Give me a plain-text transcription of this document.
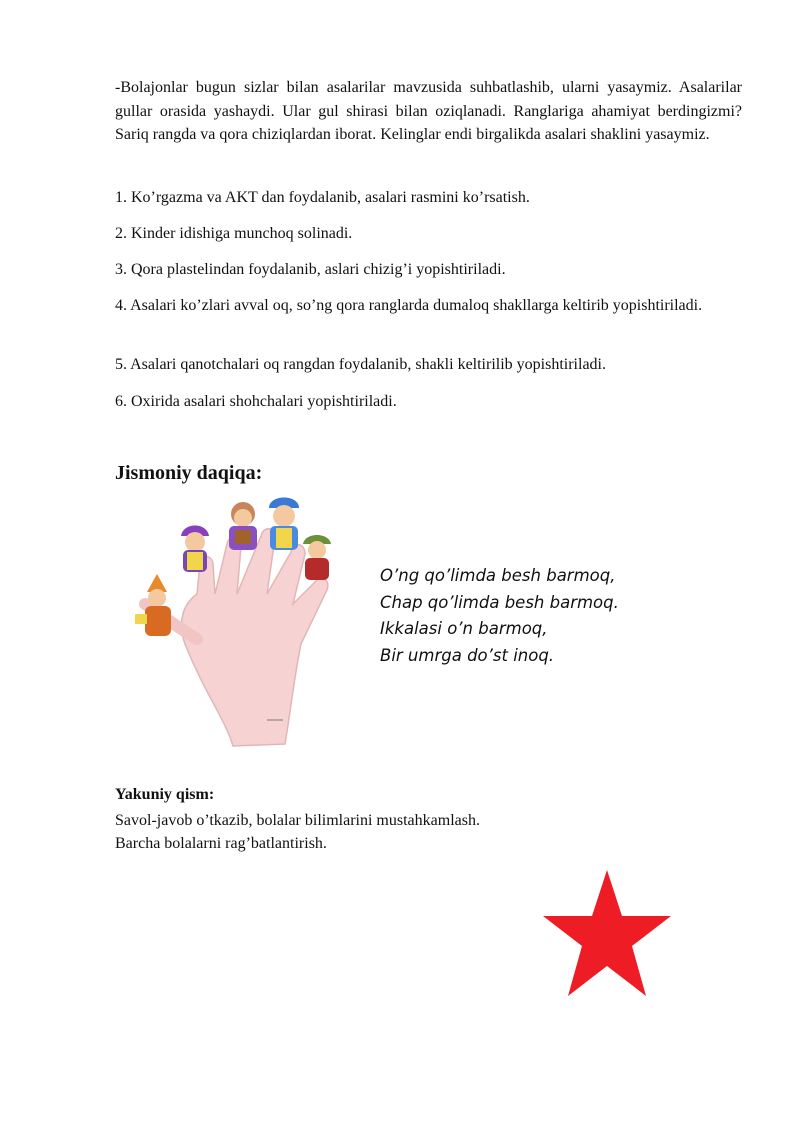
-Bolajonlar bugun sizlar bilan asalarilar mavzusida suhbatlashib, ularni yasaymiz. Asalarilar gullar orasida yashaydi. Ular gul shirasi bilan oziqlanadi. Ranglariga ahamiyat berdingizmi? Sariq rangda va qora chiziqlardan iborat. Kelinglar endi birgalikda asalari shaklini yasaymiz.

1. Ko’rgazma va AKT dan foydalanib, asalari rasmini ko’rsatish.

2. Kinder idishiga munchoq solinadi.

3. Qora plastelindan foydalanib, aslari chizig’i yopishtiriladi.

4. Asalari ko’zlari avval oq, so’ng qora ranglarda dumaloq shakllarga keltirib yopishtiriladi.

5. Asalari qanotchalari oq rangdan foydalanib, shakli keltirilib yopishtiriladi.

6. Oxirida asalari shohchalari yopishtiriladi.

Jismoniy daqiqa:
O’ng qo’limda besh barmoq,
Chap qo’limda besh barmoq.
Ikkalasi o’n barmoq,
Bir umrga do’st inoq.

Yakuniy qism:

Savol-javob o’tkazib, bolalar bilimlarini mustahkamlash.

Barcha bolalarni rag’batlantirish.
